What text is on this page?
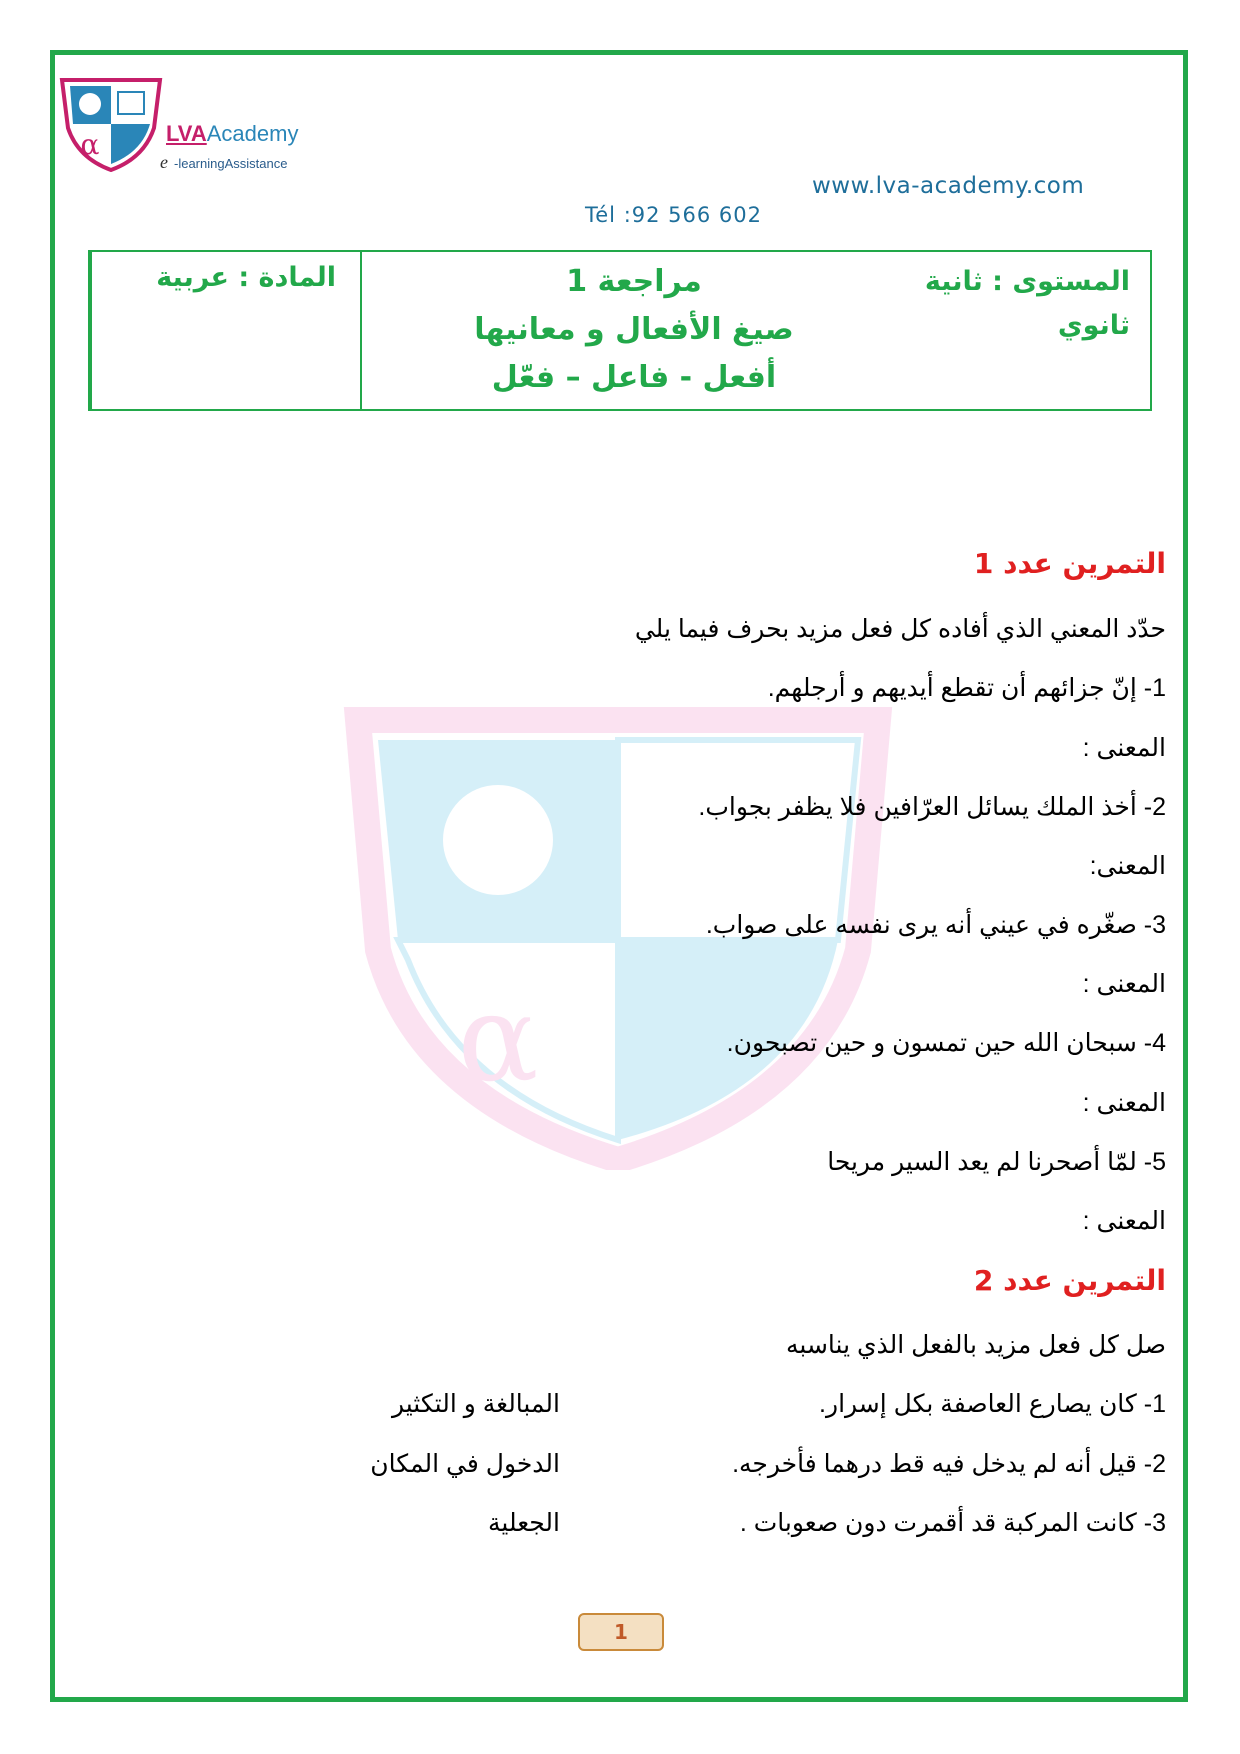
α
α	LVAAcademy
e -learningAssistance
www.lva-academy.com
Tél :92 566 602
المادة : عربية	مراجعة 1
صيغ الأفعال و معانيها
أفعل - فاعل – فعّل
المستوى : ثانية
ثانوي
التمرين عدد 1
حدّد المعني الذي أفاده كل فعل مزيد بحرف فيما يلي
1- إنّ جزائهم أن تقطع أيديهم و أرجلهم.
المعنى :
2- أخذ الملك يسائل العرّافين فلا يظفر بجواب.
المعنى:
3- صغّره في عيني أنه يرى نفسه على صواب.
المعنى :
4- سبحان الله حين تمسون و حين تصبحون.
المعنى :
5- لمّا أصحرنا لم يعد السير مريحا
المعنى :
التمرين عدد 2
صل كل فعل مزيد بالفعل الذي يناسبه
1- كان يصارع العاصفة بكل إسرار.
المبالغة و التكثير
2- قيل أنه لم يدخل فيه قط درهما فأخرجه.
الدخول في المكان
3- كانت المركبة قد أقمرت دون صعوبات .
الجعلية
1
